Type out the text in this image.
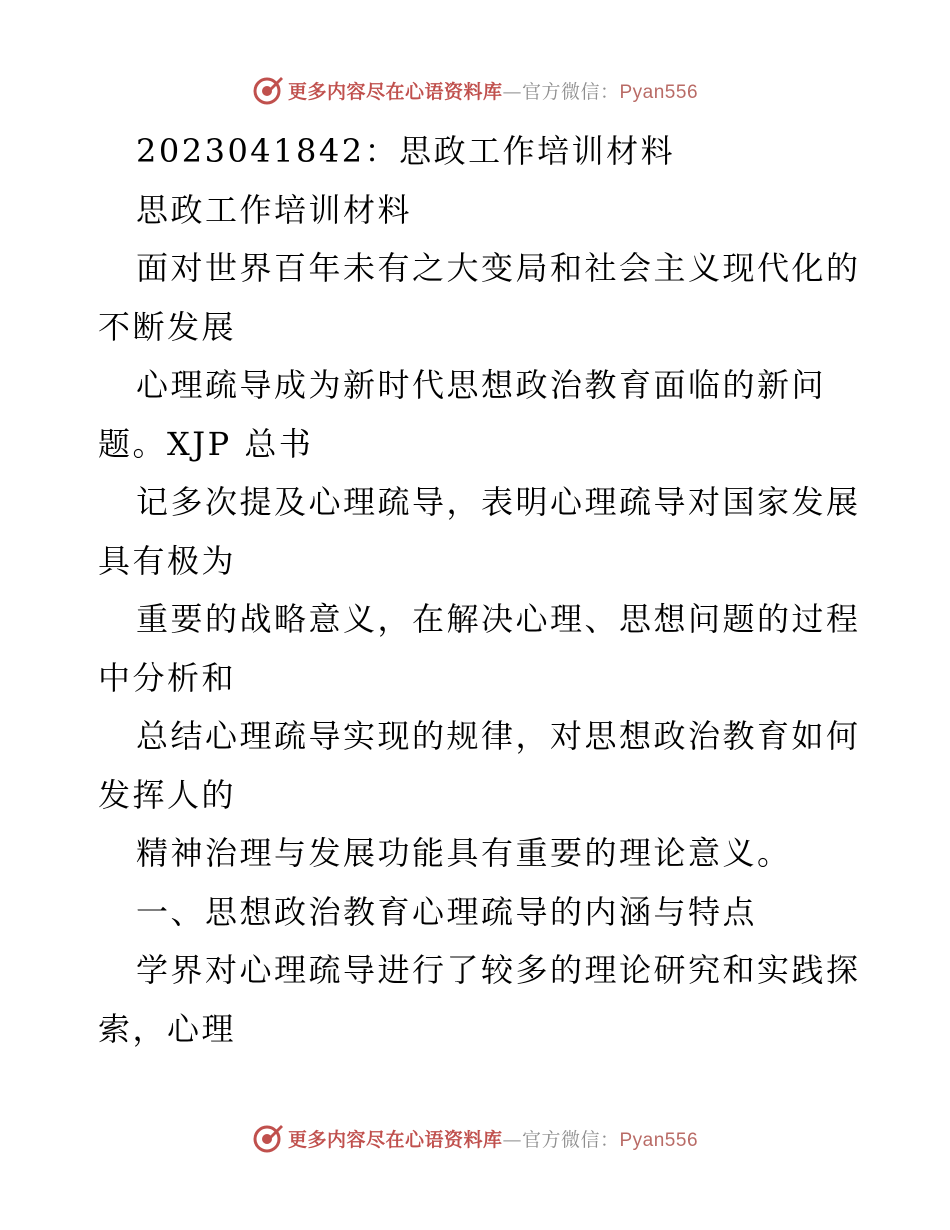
更多内容尽在心语资料库—官方微信：Pyan556
2023041842：思政工作培训材料
思政工作培训材料
面对世界百年未有之大变局和社会主义现代化的
不断发展
心理疏导成为新时代思想政治教育面临的新问
题。XJP 总书
记多次提及心理疏导，表明心理疏导对国家发展
具有极为
重要的战略意义，在解决心理、思想问题的过程
中分析和
总结心理疏导实现的规律，对思想政治教育如何
发挥人的
精神治理与发展功能具有重要的理论意义。
一、思想政治教育心理疏导的内涵与特点
学界对心理疏导进行了较多的理论研究和实践探
索，心理
更多内容尽在心语资料库—官方微信：Pyan556
